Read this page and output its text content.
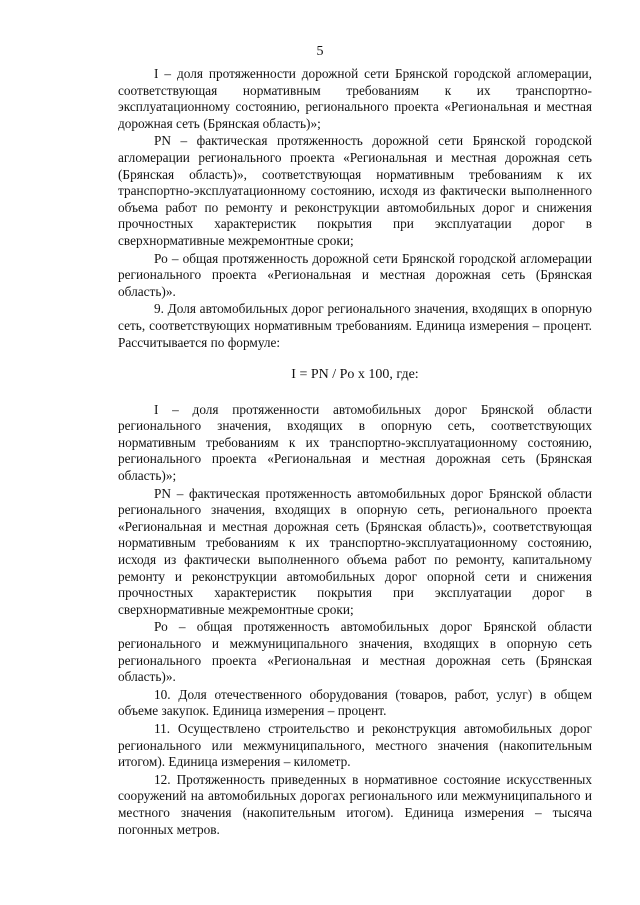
5

I – доля протяженности дорожной сети Брянской городской агломерации, соответствующая нормативным требованиям к их транспортно-эксплуатационному состоянию, регионального проекта «Региональная и местная дорожная сеть (Брянская область)»;

PN – фактическая протяженность дорожной сети Брянской городской агломерации регионального проекта «Региональная и местная дорожная сеть (Брянская область)», соответствующая нормативным требованиям к их транспортно-эксплуатационному состоянию, исходя из фактически выполненного объема работ по ремонту и реконструкции автомобильных дорог и снижения прочностных характеристик покрытия при эксплуатации дорог в сверхнормативные межремонтные сроки;

Ро – общая протяженность дорожной сети Брянской городской агломерации регионального проекта «Региональная и местная дорожная сеть (Брянская область)».

9. Доля автомобильных дорог регионального значения, входящих в опорную сеть, соответствующих нормативным требованиям. Единица измерения – процент. Рассчитывается по формуле:

I = PN / Po х 100, где:

I – доля протяженности автомобильных дорог Брянской области регионального значения, входящих в опорную сеть, соответствующих нормативным требованиям к их транспортно-эксплуатационному состоянию, регионального проекта «Региональная и местная дорожная сеть (Брянская область)»;

PN – фактическая протяженность автомобильных дорог Брянской области регионального значения, входящих в опорную сеть, регионального проекта «Региональная и местная дорожная сеть (Брянская область)», соответствующая нормативным требованиям к их транспортно-эксплуатационному состоянию, исходя из фактически выполненного объема работ по ремонту, капитальному ремонту и реконструкции автомобильных дорог опорной сети и снижения прочностных характеристик покрытия при эксплуатации дорог в сверхнормативные межремонтные сроки;

Ро – общая протяженность автомобильных дорог Брянской области регионального и межмуниципального значения, входящих в опорную сеть регионального проекта «Региональная и местная дорожная сеть (Брянская область)».

10. Доля отечественного оборудования (товаров, работ, услуг) в общем объеме закупок. Единица измерения – процент.

11. Осуществлено строительство и реконструкция автомобильных дорог регионального или межмуниципального, местного значения (накопительным итогом). Единица измерения – километр.

12. Протяженность приведенных в нормативное состояние искусственных сооружений на автомобильных дорогах регионального или межмуниципального и местного значения (накопительным итогом). Единица измерения – тысяча погонных метров.
